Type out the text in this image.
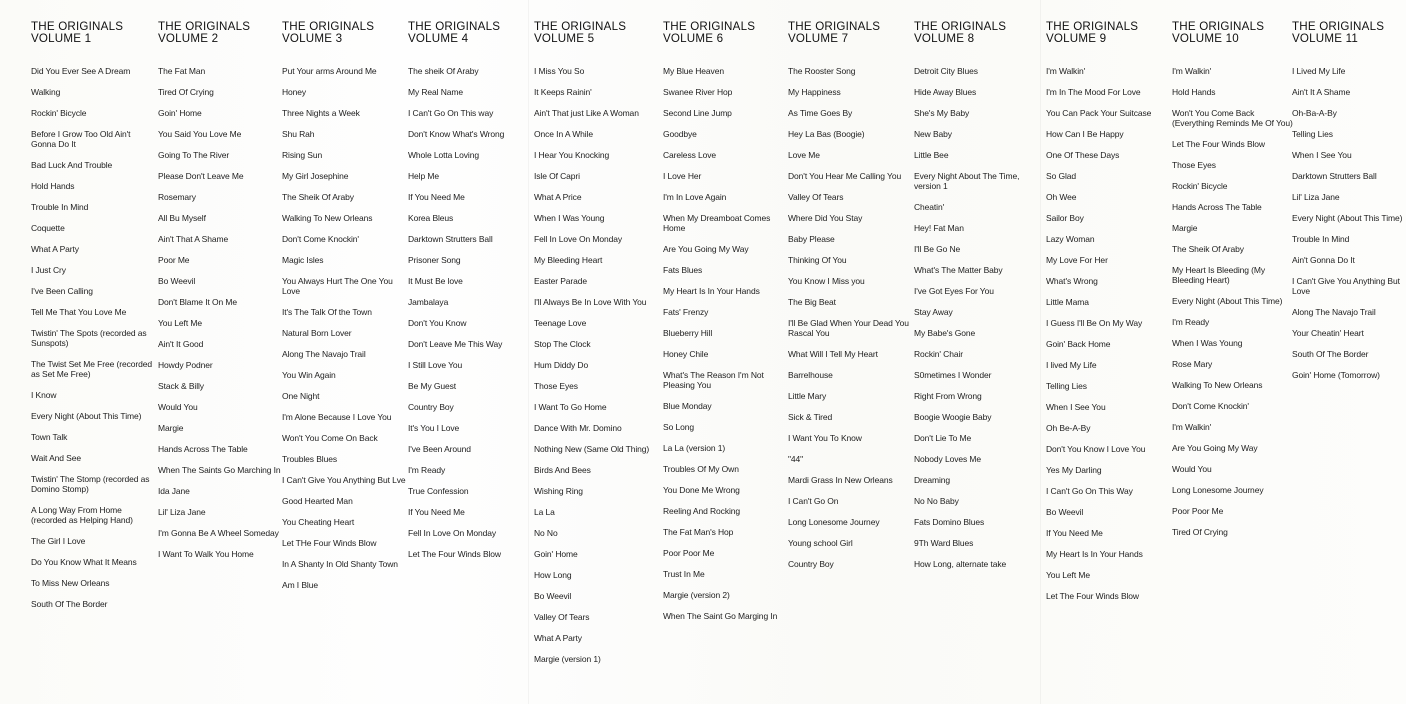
THE ORIGINALS
VOLUME 1
Did You Ever See A Dream
Walking
Rockin' Bicycle
Before I Grow Too Old Ain't Gonna Do It
Bad Luck And Trouble
Hold Hands
Trouble In Mind
Coquette
What A Party
I Just Cry
I've Been Calling
Tell Me That You Love Me
Twistin' The Spots (recorded as Sunspots)
The Twist Set Me Free (recorded as Set Me Free)
I Know
Every Night (About This Time)
Town Talk
Wait And See
Twistin' The Stomp (recorded as Domino Stomp)
A Long Way From Home (recorded as Helping Hand)
The Girl I Love
Do You Know What It Means
To Miss New Orleans
South Of The Border
THE ORIGINALS
VOLUME 2
The Fat Man
Tired Of Crying
Goin' Home
You Said You Love Me
Going To The River
Please Don't Leave Me
Rosemary
All Bu Myself
Ain't That A Shame
Poor Me
Bo Weevil
Don't Blame It On Me
You Left Me
Ain't It Good
Howdy Podner
Stack & Billy
Would You
Margie
Hands Across The Table
When The Saints Go Marching In
Ida Jane
Lil' Liza Jane
I'm Gonna Be A Wheel Someday
I Want To Walk You Home
THE ORIGINALS
VOLUME 3
Put Your arms Around Me
Honey
Three Nights a Week
Shu Rah
Rising Sun
My Girl Josephine
The Sheik Of Araby
Walking To New Orleans
Don't Come Knockin'
Magic Isles
You Always Hurt The One You Love
It's The Talk Of the Town
Natural Born Lover
Along The Navajo Trail
You Win Again
One Night
I'm Alone Because I Love You
Won't You Come On Back
Troubles Blues
I Can't Give You Anything But Lve
Good Hearted Man
You Cheating Heart
Let THe Four Winds Blow
In A Shanty In Old Shanty Town
Am I Blue
THE ORIGINALS
VOLUME 4
The sheik Of Araby
My Real Name
I Can't Go On This way
Don't Know What's Wrong
Whole Lotta Loving
Help Me
If You Need Me
Korea Bleus
Darktown Strutters Ball
Prisoner Song
It Must Be love
Jambalaya
Don't You Know
Don't Leave Me This Way
I Still Love You
Be My Guest
Country Boy
It's You I Love
I've Been Around
I'm Ready
True Confession
If You Need Me
Fell In Love On Monday
Let The Four Winds Blow
THE ORIGINALS
VOLUME 5
I Miss You So
It Keeps Rainin'
Ain't That just Like A Woman
Once In A While
I Hear You Knocking
Isle Of Capri
What A Price
When I Was Young
Fell In Love On Monday
My Bleeding Heart
Easter Parade
I'll Always Be In Love With You
Teenage Love
Stop The Clock
Hum Diddy Do
Those Eyes
I Want To Go Home
Dance With Mr. Domino
Nothing New (Same Old Thing)
Birds And Bees
Wishing Ring
La La
No No
Goin' Home
How Long
Bo Weevil
Valley Of Tears
What A Party
Margie (version 1)
THE ORIGINALS
VOLUME 6
My Blue Heaven
Swanee River Hop
Second Line Jump
Goodbye
Careless Love
I Love Her
I'm In Love Again
When My Dreamboat Comes Home
Are You Going My Way
Fats Blues
My Heart Is In Your Hands
Fats' Frenzy
Blueberry Hill
Honey Chile
What's The Reason I'm Not Pleasing You
Blue Monday
So Long
La La (version 1)
Troubles Of My Own
You Done Me Wrong
Reeling And Rocking
The Fat Man's Hop
Poor Poor Me
Trust In Me
Margie (version 2)
When The Saint Go Marging In
THE ORIGINALS
VOLUME 7
The Rooster Song
My Happiness
As Time Goes By
Hey La Bas (Boogie)
Love Me
Don't You Hear Me Calling You
Valley Of Tears
Where Did You Stay
Baby Please
Thinking Of You
You Know I Miss you
The Big Beat
I'll Be Glad When Your Dead You Rascal You
What Will I Tell My Heart
Barrelhouse
Little Mary
Sick & Tired
I Want You To Know
"44"
Mardi Grass In New Orleans
I Can't Go On
Long Lonesome Journey
Young school Girl
Country Boy
THE ORIGINALS
VOLUME 8
Detroit City Blues
Hide Away Blues
She's My Baby
New Baby
Little Bee
Every Night About The Time, version 1
Cheatin'
Hey! Fat Man
I'll Be Go Ne
What's The Matter Baby
I've Got Eyes For You
Stay Away
My Babe's Gone
Rockin' Chair
S0metimes I Wonder
Right From Wrong
Boogie Woogie Baby
Don't Lie To Me
Nobody Loves Me
Dreaming
No No Baby
Fats Domino Blues
9Th Ward Blues
How Long, alternate take
THE ORIGINALS
VOLUME 9
I'm Walkin'
I'm In The Mood For Love
You Can Pack Your Suitcase
How Can I Be Happy
One Of These Days
So Glad
Oh Wee
Sailor Boy
Lazy Woman
My Love For Her
What's Wrong
Little Mama
I Guess I'll Be On My Way
Goin' Back Home
I lived My Life
Telling Lies
When I See You
Oh Be-A-By
Don't You Know I Love You
Yes My Darling
I Can't Go On This Way
Bo Weevil
If You Need Me
My Heart Is In Your Hands
You Left Me
Let The Four Winds Blow
THE ORIGINALS
VOLUME 10
I'm Walkin'
Hold Hands
Won't You Come Back (Everything Reminds Me Of You)
Let The Four Winds Blow
Those Eyes
Rockin' Bicycle
Hands Across The Table
Margie
The Sheik Of Araby
My Heart Is Bleeding (My Bleeding Heart)
Every Night (About This Time)
I'm Ready
When I Was Young
Rose Mary
Walking To New Orleans
Don't Come Knockin'
I'm Walkin'
Are You Going My Way
Would You
Long Lonesome Journey
Poor Poor Me
Tired Of Crying
THE ORIGINALS
VOLUME 11
I Lived My Life
Ain't It A Shame
Oh-Ba-A-By
Telling Lies
When I See You
Darktown Strutters Ball
Lil' Liza Jane
Every Night (About This Time)
Trouble In Mind
Ain't Gonna Do It
I Can't Give You Anything But Love
Along The Navajo Trail
Your Cheatin' Heart
South Of The Border
Goin' Home (Tomorrow)
